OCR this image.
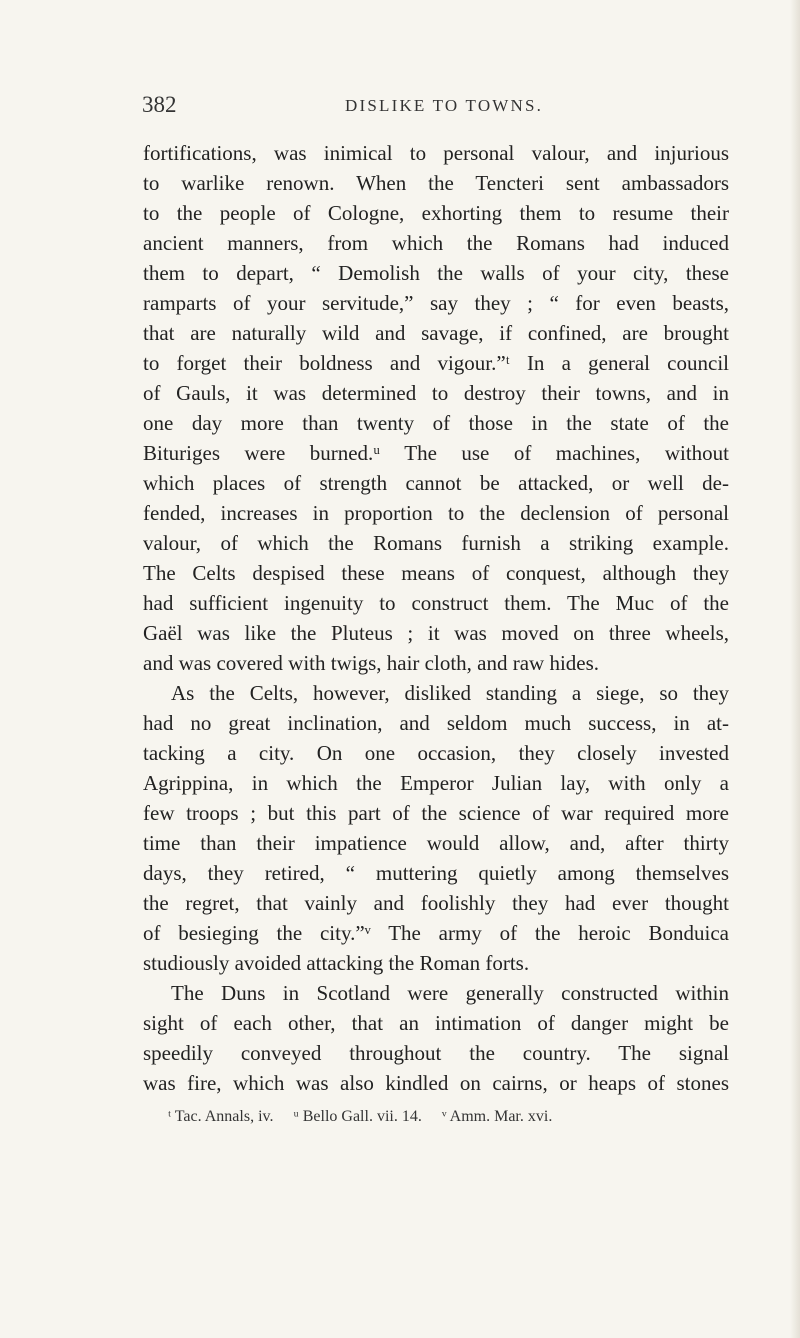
382	DISLIKE TO TOWNS.
fortifications, was inimical to personal valour, and injurious
to warlike renown. When the Tencteri sent ambassadors
to the people of Cologne, exhorting them to resume their
ancient manners, from which the Romans had induced
them to depart, “ Demolish the walls of your city, these
ramparts of your servitude,” say they ; “ for even beasts,
that are naturally wild and savage, if confined, are brought
to forget their boldness and vigour.”ᵗ In a general council
of Gauls, it was determined to destroy their towns, and in
one day more than twenty of those in the state of the
Bituriges were burned.ᵘ The use of machines, without
which places of strength cannot be attacked, or well de-
fended, increases in proportion to the declension of personal
valour, of which the Romans furnish a striking example.
The Celts despised these means of conquest, although they
had sufficient ingenuity to construct them. The Muc of the
Gaël was like the Pluteus ; it was moved on three wheels,
and was covered with twigs, hair cloth, and raw hides.
As the Celts, however, disliked standing a siege, so they
had no great inclination, and seldom much success, in at-
tacking a city. On one occasion, they closely invested
Agrippina, in which the Emperor Julian lay, with only a
few troops ; but this part of the science of war required more
time than their impatience would allow, and, after thirty
days, they retired, “ muttering quietly among themselves
the regret, that vainly and foolishly they had ever thought
of besieging the city.”ᵛ The army of the heroic Bonduica
studiously avoided attacking the Roman forts.
The Duns in Scotland were generally constructed within
sight of each other, that an intimation of danger might be
speedily conveyed throughout the country. The signal
was fire, which was also kindled on cairns, or heaps of stones
ᵗ Tac. Annals, iv. ᵘ Bello Gall. vii. 14. ᵛ Amm. Mar. xvi.
